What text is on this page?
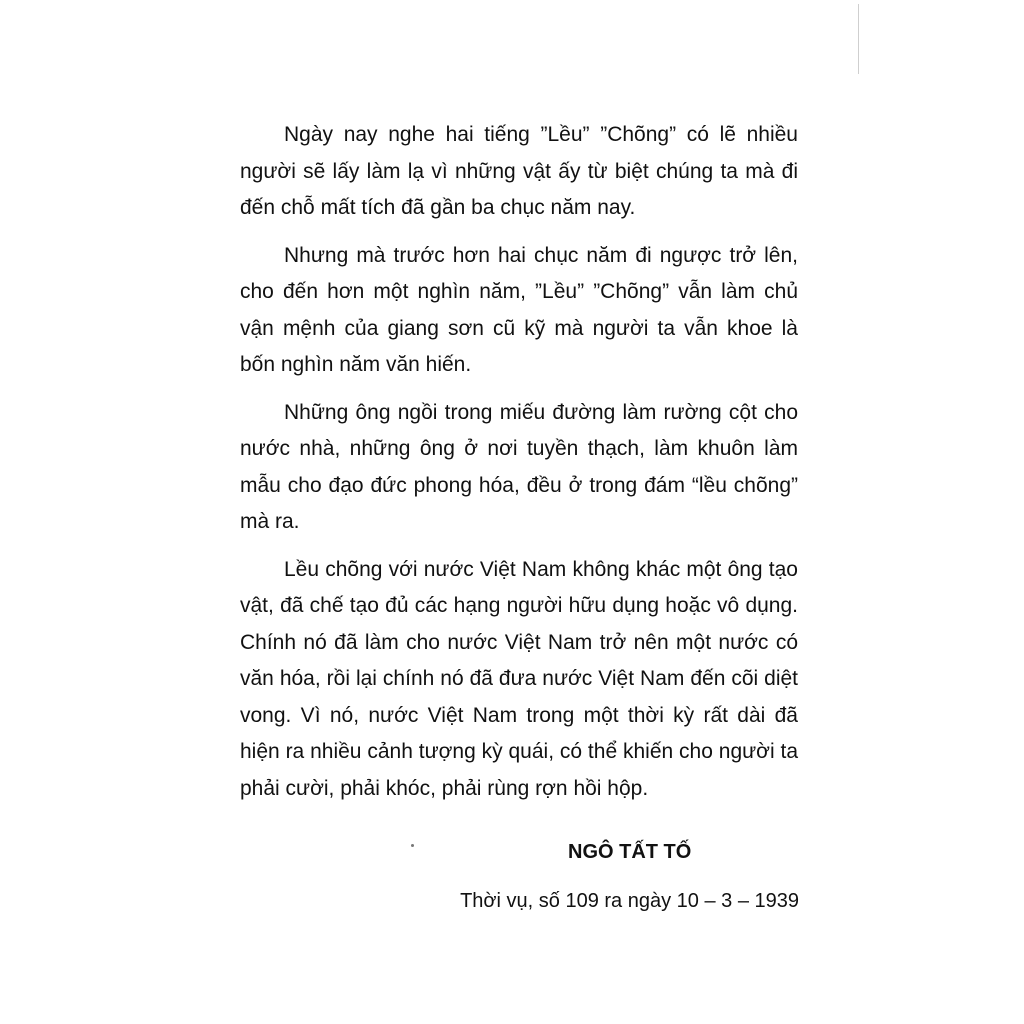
Ngày nay nghe hai tiếng ”Lều” ”Chõng” có lẽ nhiều người sẽ lấy làm lạ vì những vật ấy từ biệt chúng ta mà đi đến chỗ mất tích đã gần ba chục năm nay.

Nhưng mà trước hơn hai chục năm đi ngược trở lên, cho đến hơn một nghìn năm, ”Lều” ”Chõng” vẫn làm chủ vận mệnh của giang sơn cũ kỹ mà người ta vẫn khoe là bốn nghìn năm văn hiến.

Những ông ngồi trong miếu đường làm rường cột cho nước nhà, những ông ở nơi tuyền thạch, làm khuôn làm mẫu cho đạo đức phong hóa, đều ở trong đám “lều chõng” mà ra.

Lều chõng với nước Việt Nam không khác một ông tạo vật, đã chế tạo đủ các hạng người hữu dụng hoặc vô dụng. Chính nó đã làm cho nước Việt Nam trở nên một nước có văn hóa, rồi lại chính nó đã đưa nước Việt Nam đến cõi diệt vong. Vì nó, nước Việt Nam trong một thời kỳ rất dài đã hiện ra nhiều cảnh tượng kỳ quái, có thể khiến cho người ta phải cười, phải khóc, phải rùng rợn hồi hộp.

NGÔ TẤT TỐ
Thời vụ, số 109 ra ngày 10 – 3 – 1939
